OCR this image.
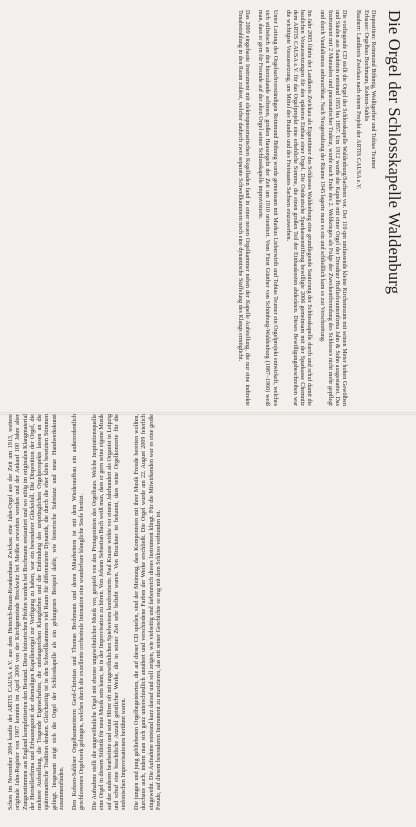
Die Orgel der Schlosskapelle Waldenburg

Disposition: Reinmund Böhmig, Weißigerber und Tobias Teumer

Erbauer: Orgelbau Bochmann, Kohren-Sahlis

Bauherr: Landkreis Zwickau nach einem Projekt der ARTIS CAUSA e.V.

Die vorliegende CD stellt die Orgel der Schlosskapelle Waldenburg/Sachsen vor. Der 110 qm umfassende kleine Kirchenraum mit seinen Meter hohen Gewölben und Säulen aus Sandstein entstand 1855 bis 1857. Um 1912 wurde die Kapelle mit einer Orgel der Dresdner Hoflieferantenfirma Jahn & Sohn ausgestattet. Das Instrument mit 2 Manualen und pneumatischer Traktur, wurde nach Ende des 2. Weltkrieges als Folge der Zweckentfremdung des Schlosses nicht mehr gepflegt und durch Vandalismus unbrauchbar. Nach Neugestaltung der Räume 1945 lagerte man es ein und schließlich kam es zur Verschrottung.

Im Jahr 2005 führte der Landkreis Zwickau als Eigentümer des Schlosses Waldenburg eine grundlegende Sanierung der Schlosskapelle durch und schuf damit die baulichen Voraussetzungen für den späteren Einbau einer Orgel. Die Ostdeutsche Sparkassenstiftung bewilligte 2006 gemeinsam mit der Sparkasse Chemnitz dem ARTIS CAUSA e.V. für das Orgelprojekt eine erhebliche Summe, die einen großen Teil der Einbaukosten abdeckten. Dieses Bewilligungsbeschreiben war die wichtigste Voraussetzung, um Mittel des Bundes und des Freistaates Sachsen einzuwerben.

Unter Leitung des Orgelsachverständigen Reinmund Böhmig wurde gemeinsam mit Markus Lieberwirth und Tobias Teumer ein Orgelprojekt entwickelt, welches sich stilistisch an den hierzulande seltenen, großen Hausorgeln der Zeit um 1910 orientiert. Vom Fürst Günther von Schönburg-Waldenburg (1887–1960) weiß man, dass er gern für Freunde auf der alten Orgel seiner Schlosskapelle improvisierte.

Das 2009 eingebaute Instrument mit elektropneumatischen Kegelladen fand in einer neuen Orgelkammer neben der Kapelle Aufstellung, die nur eine indirekte Tonabstrahlung in den Raum zulässt, welcher dadurch zwei separate Schwellkammern noch eine dynamische Staffelung des Klangs ermöglicht.

Schon im November 2004 kaufte der ARTIS CAUSA e.V. aus dem Heinrich-Braun-Krankenhaus Zwickau eine Jahn-Orgel aus der Zeit um 1913, weitere originale Jahn-Register von 1907 konnten im April 2006 von der Kirchgemeinde Brockwitz bei Meißen erworben werden und der Ankauf 100 Jahre alter Zungenstimmen aus England komplettierten den Bestand. Diese historischen Pfeifen wurden bei Bochmann restauriert und wo nötig im originalen Klangmaterial der Herstellerfirma und Erbauungszeit der ehemaligen Kapellenorgel zur Verfügung zu haben, war ein besonderer Glücksfall. Die Disposition der Orgel, die mehrere Aufstellung, die Tragende Eigenschaften, die umfangreichen Klangfarben und die Einbindung des ursprünglichen Orgelprospekts lassen an die spätromantische Tradition denken. Gleichzeitig ist in den Schwellkammern viel Raum für differenzierte Dynamik, die durch die eher klein besetzten Stimmen gelingt. Insgesamt zeigt sich die Orgel der Schlosskapelle als ein gelungenes Beispiel dafür, wie historische Substanz und neue Handwerkskunst zusammenfinden. Den Kohren-Sahliser Orgelbaumeistern Gerd-Christian und Thomas Bochmann und deren Mitarbeitern ist mit dem Wiederaufbau ein außerordentlich geschlossenes Orgelwerk gelungen, welches durch die exzellente orchestrale Intonation eine wunderbare klangliche Seele besitzt. Die Aufnahme stellt die ungewöhnliche Orgel mit ebenso ungewöhnlicher Musik vor, gespielt von den Protagonisten des Orgelbaus. Welche Inspirationsquelle eine Orgel in diesem Stilistik für neue Musik sein kann, ist in der Improvisation zu hören. Von Johann Sebastian Bach weiß man, dass er gern seine eigene Musik auf der anderen bearbeitete und seine Hörer oft mit ungewöhnlichen Spielweisen konfrontierte. Paul Krause wirkte vor einem Jahrhundert als Organist in Leipzig und schuf eine beachtliche Anzahl geistlicher Werke, die in seiner Zeit sehr beliebt waren. Von Bruckner ist bekannt, dass seine Orgelkonzerte für die sinfonischen Improvisationen berühmt waren. Die jungen und jung gebliebenen Orgelbegeisterten, die auf dieser CD spielen, sind der Meinung, dass Komponisten mit ihrer Musik Freude bereiten wollten, durchaus auch, indem man sich ganz unterschiedlich annähert und verschiedene Farben der Werke erschließt. Die Orgel wurde am 22. August 2009 feierlich eingeweiht. Die Aufnahme entstand kurz darauf und soll zeigen, wie vielseitig und farbenreich dieses Instrument klingt. Für die Mitwirkenden war es eine große Freude, auf diesem besonderen Instrument zu musizieren, das mit seiner Geschichte so eng mit dem Schloss verbunden ist.
